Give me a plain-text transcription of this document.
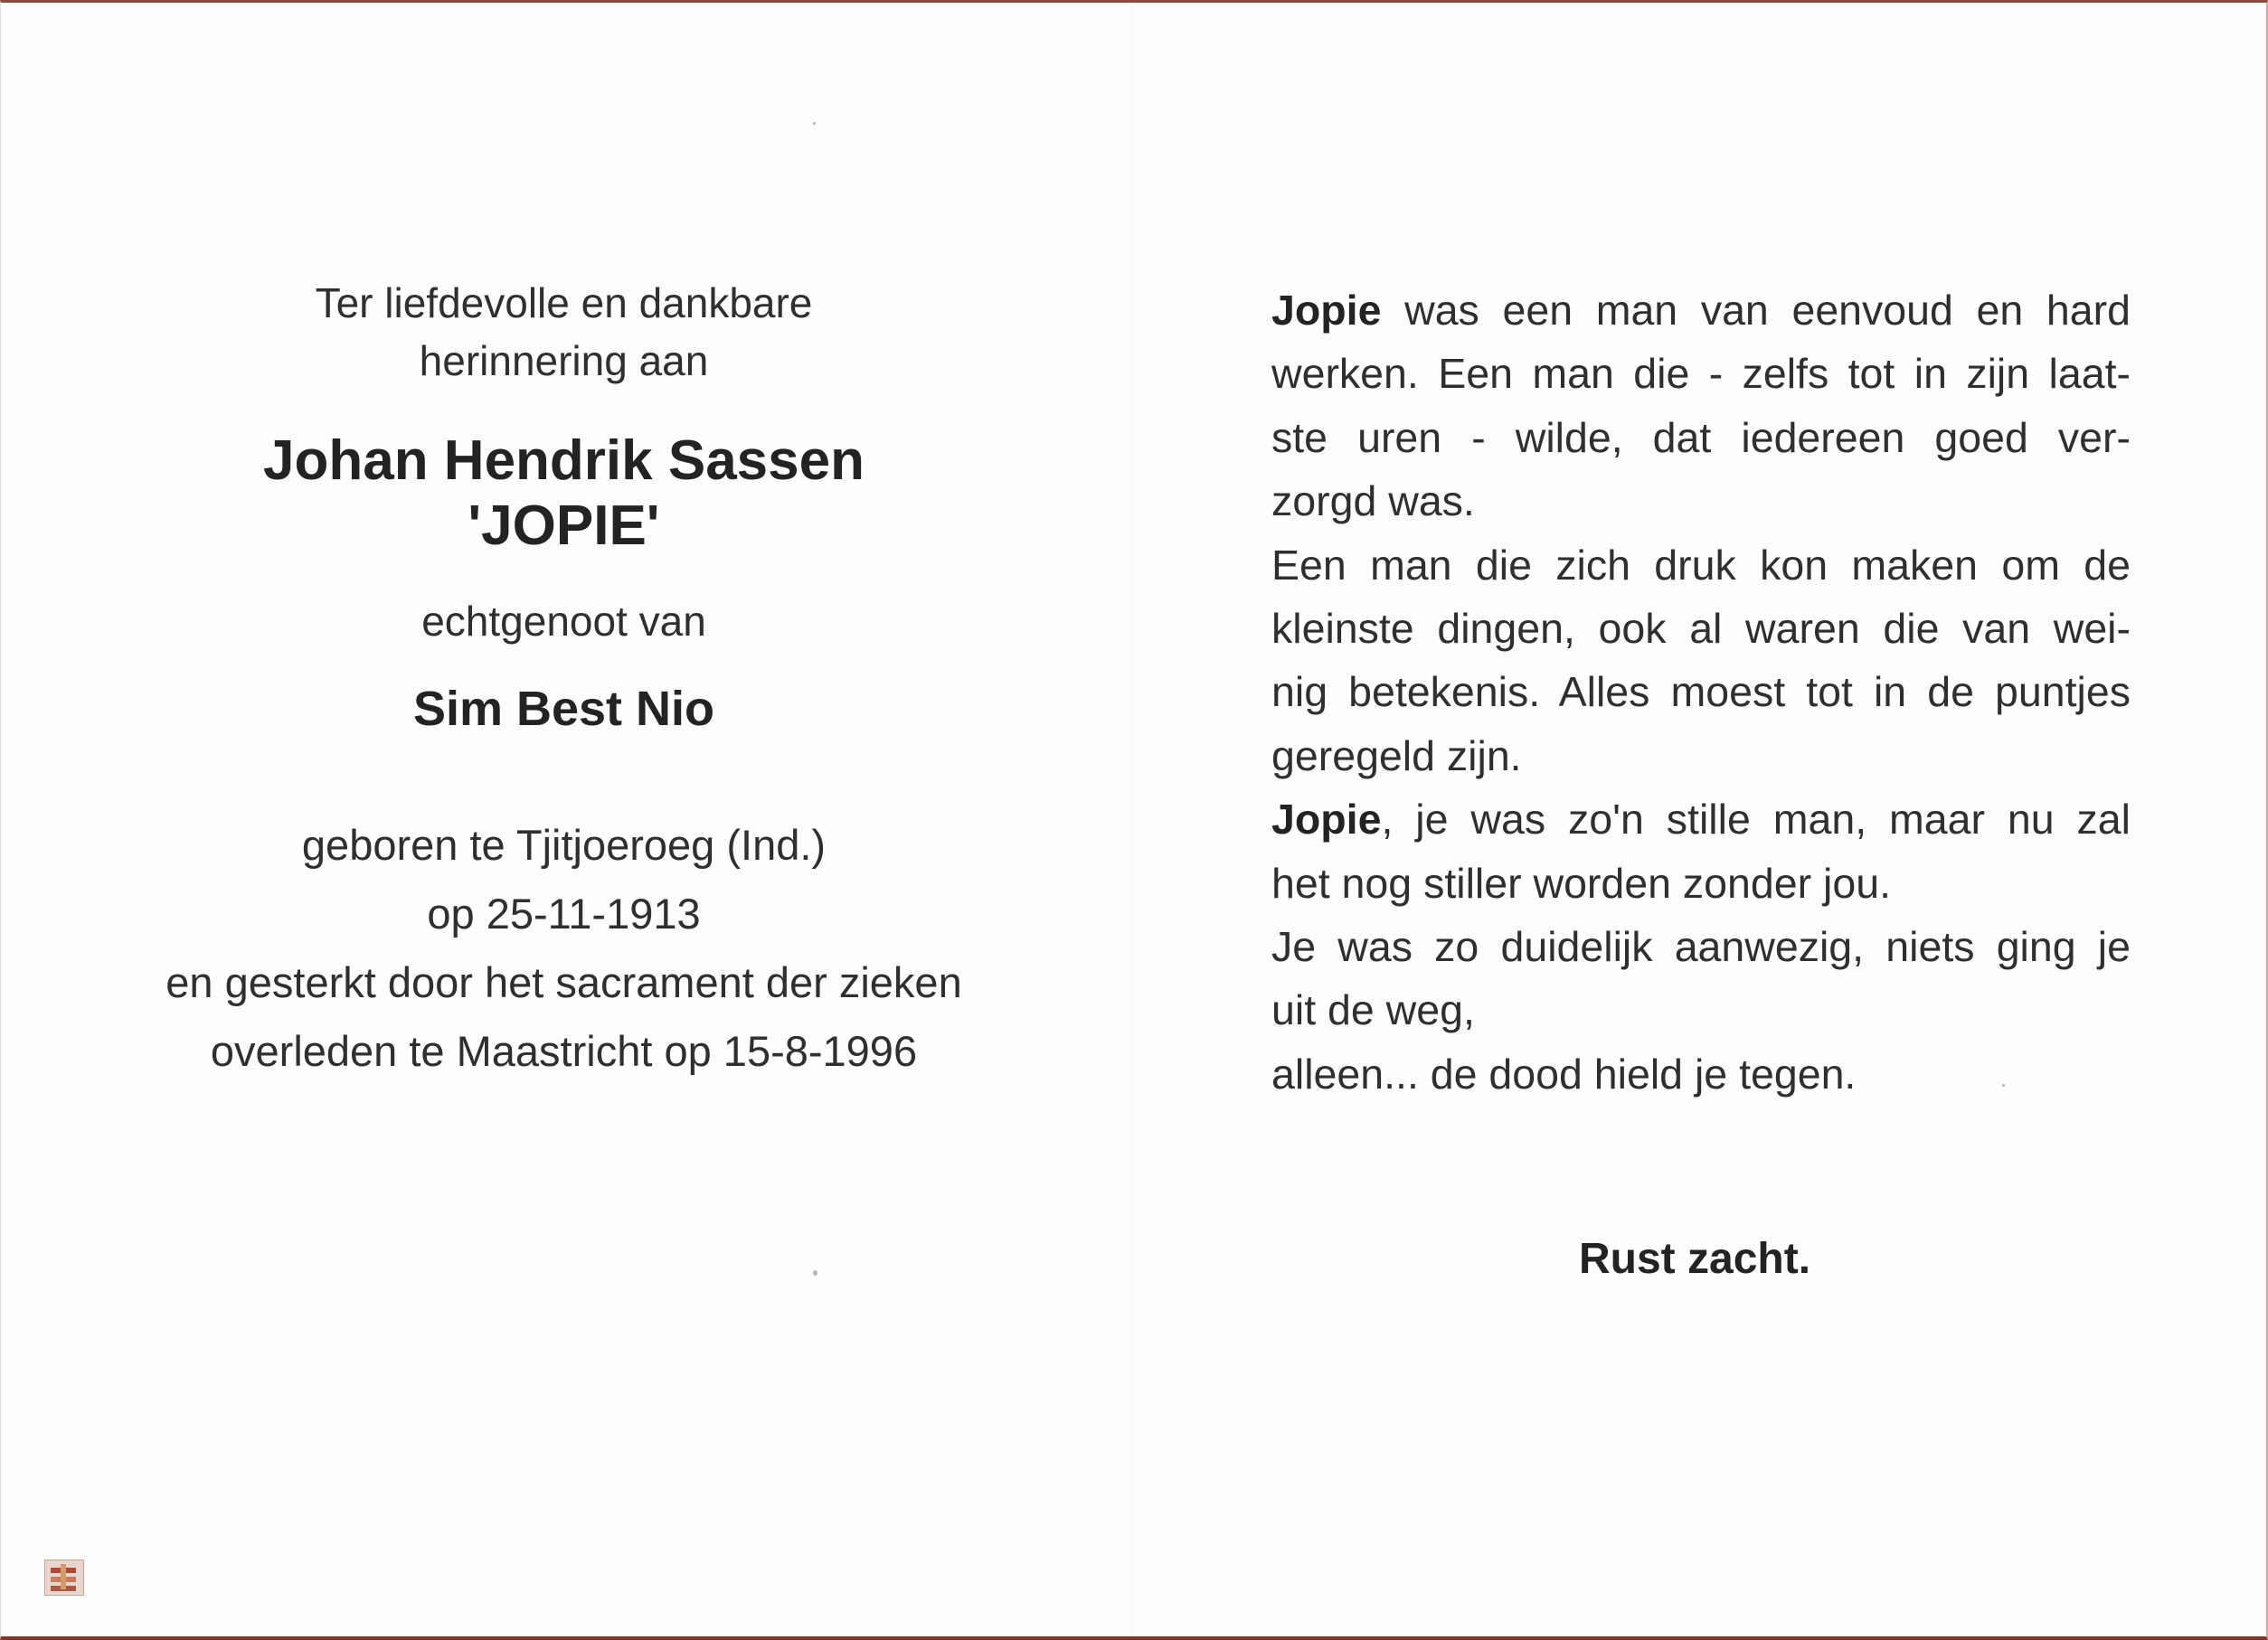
Ter liefdevolle en dankbare

herinnering aan

Johan Hendrik Sassen

'JOPIE'

echtgenoot van

Sim Best Nio

geboren te Tjitjoeroeg (Ind.)

op 25-11-1913

en gesterkt door het sacrament der zieken

overleden te Maastricht op 15-8-1996

Jopie was een man van eenvoud en hard
werken. Een man die - zelfs tot in zijn laat-
ste uren - wilde, dat iedereen goed ver-
zorgd was.
Een man die zich druk kon maken om de
kleinste dingen, ook al waren die van wei-
nig betekenis. Alles moest tot in de puntjes
geregeld zijn.
Jopie, je was zo'n stille man, maar nu zal
het nog stiller worden zonder jou.
Je was zo duidelijk aanwezig, niets ging je
uit de weg,
alleen... de dood hield je tegen.
Rust zacht.
